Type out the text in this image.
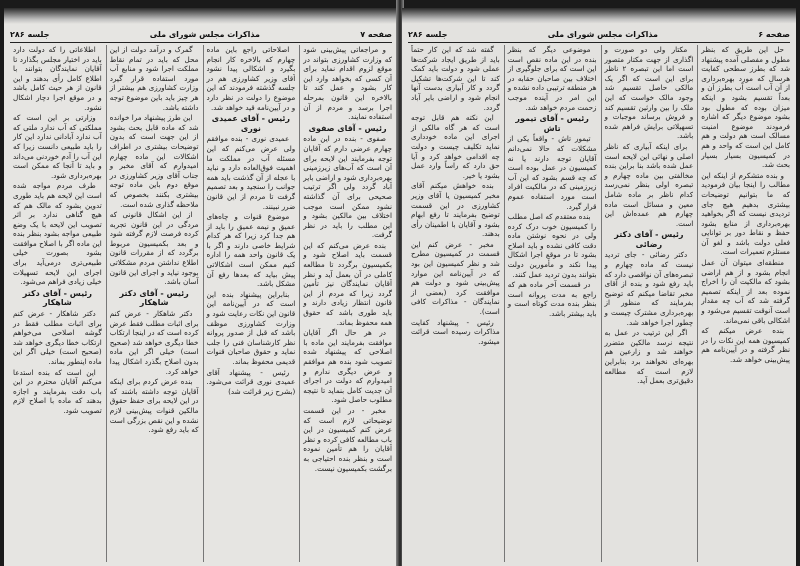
صفحه ۷
مذاکرات مجلس شورای ملی
جلسه ۲۸۶

و مراجعاتی پیش‌بینی شود که وزارت کشاورزی بتواند در موقع لزوم اقدام نماید برای آن کسی که بخواهد وارد این کار بشود و عمل کند تا بالاخره این قانون بمرحله اجرا برسد و مردم از آن استفاده نمایند.

رئیس - آقای صفوی

صفوی - بنده در این ماده چهارم عرضی دارم که آقایان توجه بفرمایند این لایحه برای آن است که آب‌های زیرزمینی بهره‌برداری شود و اراضی بایر آباد گردد ولی اگر ترتیب صحیحی برای آن گذاشته نشود ممکن است موجب اختلاف بین مالکین بشود و این مطلب را باید در نظر گرفت.

بنده عرض می‌کنم که این قسمت باید اصلاح شود و بکمیسیون برگردد تا مطالعه کاملی در آن بعمل آید و نظر آقایان نمایندگان نیز تأمین گردد زیرا که مردم از این قانون انتظار زیادی دارند و باید طوری باشد که حقوق همه محفوظ بماند.

در هر حال اگر آقایان موافقت بفرمایند این ماده با اصلاحی که پیشنهاد شده تصویب شود بنده هم موافقم و عرض دیگری ندارم و امیدوارم که دولت در اجرای آن جدیت کامل بنماید تا نتیجه مطلوب حاصل شود.

مخبر - در این قسمت توضیحاتی لازم است که عرض کنم کمیسیون در این باب مطالعه کافی کرده و نظر آقایان را هم تأمین نموده است و بنظر بنده احتیاجی به برگشت بکمیسیون نیست.

اصلاحاتی راجع باین ماده چهارم که بالاخره کار انجام بگیرد و اشکالی پیدا نشود آقای وزیر کشاورزی هم در جلسه گذشته فرمودند که این موضوع را دولت در نظر دارد و در آیین‌نامه قید خواهد شد.

رئیس - آقای عمیدی نوری

عمیدی نوری - بنده موافقم ولی عرض می‌کنم که این مسئله آب در مملکت ما اهمیت فوق‌العاده دارد و نباید با عجله از آن گذشت باید همه جوانب را سنجید و بعد تصمیم گرفت تا مردم از این قانون ضرر نبینند.

موضوع قنوات و چاه‌های عمیق و نیمه عمیق را باید از هم جدا کرد زیرا که هر کدام شرایط خاصی دارند و اگر با یک قانون واحد همه را اداره کنیم ممکن است اشکالاتی پیش بیاید که بعدها رفع آن مشکل باشد.

بنابراین پیشنهاد بنده این است که در آیین‌نامه این قانون این نکات رعایت شود و وزارت کشاورزی موظف باشد که قبل از صدور پروانه نظر کارشناسان فنی را جلب نماید و حقوق صاحبان قنوات قدیمی محفوظ بماند.

رئیس - پیشنهاد آقای عمیدی نوری قرائت می‌شود. (بشرح زیر قرائت شد)

گمرک و درآمد دولت از این محل که باید در تمام نقاط مملکت اجرا شود و منابع آب مورد استفاده قرار گیرد وزارت کشاورزی هم بیشتر از هر چیز باید باین موضوع توجه داشته باشد.

این طرز پیشنهاد مرا خوانده شد که ماده قابل بحث بشود از این جهت است که بدون توضیحات بیشتری در اطراف اشکالات این ماده چهارم امیدوارم که آقای مخبر و جناب آقای وزیر کشاورزی در موقع دوم باین ماده توجه بیشتری بکنند بخصوص که ملاحظه گذاری شده است.

از این اشکال قانونی که مردگی در این قانون تجربه کرده فرصت لازم گرفته شود و بعد بکمیسیون مربوط برگردد که از مقررات قانون اطلاع نداشتن مردم مشکلاتی بوجود نیاید و اجرای این قانون آسان باشد.

رئیس - آقای دکتر شاهکار

دکتر شاهکار - عرض کنم برای اثبات مطلب فقط عرض کرده است که در اینجا ارتکاب خطا دیگری خواهد شد (صحیح است) خیلی اگر این ماده بدون اصلاح بگذرد اشکال پیدا خواهد کرد.

بنده عرض کردم برای اینکه آقایان توجه داشته باشند که در این لایحه برای حفظ حقوق مالکین قنوات پیش‌بینی لازم نشده و این نقص بزرگی است که باید رفع شود.

اطلاعاتی را که دولت دارد باید در اختیار مجلس بگذارد تا آقایان نمایندگان بتوانند با اطلاع کامل رأی بدهند و این قانون از هر حیث کامل باشد و در موقع اجرا دچار اشکال نشود.

وزارتی بر این است که مملکتی که آب ندارد ملتی که آب ندارد آبادانی ندارد این کار را باید طبیعی دانست زیرا که این آب را آدم خوردنی می‌داند و باید تا آنجا که ممکن است بهره‌برداری شود.

طرف مردم مواجه شده است این لایحه هم باید طوری تدوین بشود که مالک هم که هیچ گناهی ندارد بر اثر تصویب این لایحه با یک وضع طبیعی مواجه بشود بنظر بنده این ماده اگر با اصلاح موافقت بشود بصورت خیلی طبیعی‌تری درمی‌آید برای اجرای این لایحه تسهیلات خیلی زیادی فراهم می‌شود.

رئیس - آقای دکتر شاهکار

دکتر شاهکار - عرض کنم برای اثبات مطلب فقط در گوشه اصلاحی می‌خواهم ارتکاب خطا دیگری خواهد شد (صحیح است) خیلی اگر این ماده اینطور بماند.

این است که بنده استدعا می‌کنم آقایان محترم در این باب دقت بفرمایند و اجازه بدهند که ماده با اصلاح لازم تصویب شود.

صفحه ۶
مذاکرات مجلس شورای ملی
جلسه ۲۸۶

حل این طریق که بنظر مطول و مفصلی آمده پیشنهاد شد که بطرز سطحی کفایت هرسال که مورد بهره‌برداری از آن آب است آب بطرز آن و بعداً تقسیم بشود و اینکه میزان بوده که مطول بود بشود موضوع دیگر که اشاره فرمودند موضوع امنیت مسالک است هم دولت و هم کامل این است که واحد و هم در کمیسیون بسیار بسیار بحث شد.

و بنده متشکرم از اینکه این مطالب را اینجا بیان فرمودید که ما بتوانیم توضیحات بیشتری بدهیم هیچ جای تردیدی نیست که اگر بخواهید بهره‌برداری از منابع بشود حفظ و نقاط دور بر توانایی فعلی دولت باشد و لغو آن مستلزم تعمیرات است.

منطقه‌ای میتوان آن عمل انجام بشود و از هم اراضی بشود که مالکیت آن را اخراج نموده بعد از اینکه تصمیم گرفته شد که آب چه مقدار است آنوقت تقسیم می‌شود و اشکالی باقی نمی‌ماند.

بنده عرض میکنم که کمیسیون همه این نکات را در نظر گرفته و در آیین‌نامه هم پیش‌بینی خواهد شد.

مکتار ولی دو صورت و اگذاری از جهت مکتار متصور است اما این تبصره ۲ ناظر برای این است که اگر یک مالکی حاصل تقسیم شد وجود مالک خواست که این ملک را بین وارثین تقسیم کند و فروش برساند موجبات و تسهیلاتی برایش فراهم شده باشد.

برای اینکه آبیاری که ناظر اصلی و نهائی این لایحه است عمل شده باشد بنا براین بنده مخالفتی بین ماده چهارم و تبصره اولی بنظر نمی‌رسد کدام ناظر بر ماده شامل معین و مسائل است ماده چهارم هم عمده‌اش این است.

رئیس - آقای دکتر رضائی

دکتر رضائی - جای تردید نیست که ماده چهارم و تبصره‌های آن نواقصی دارد که باید رفع شود و بنده از آقای مخبر تقاضا میکنم که توضیح بفرمایند که منظور از بهره‌برداری مشترک چیست و چطور اجرا خواهد شد.

اگر این ترتیب در عمل به نتیجه نرسد مالکین متضرر خواهند شد و زارعین هم بهره‌ای نخواهند برد بنابراین لازم است که مطالعه دقیق‌تری بعمل آید.

موضوعی دیگر که بنظر بنده در این ماده نقص است این است که برای جلوگیری از اختلاف بین صاحبان حقابه در هر منطقه ترتیبی داده نشده و این امر در آینده موجب زحمت مردم خواهد شد.

رئیس - آقای تیمور تاش

تیمور تاش - واقعاً یکی از مشکلات که حالا نمی‌دانم آقایان توجه دارند یا نه کمیسیون در عمل بوده است که چه قسم بشود که این آب زیرزمینی که در مالکیت افراد است مورد استفاده عموم قرار گیرد.

بنده معتقدم که اصل مطلب را کمیسیون خوب درک کرده ولی در نحوه نوشتن ماده دقت کافی نشده و باید اصلاح بشود تا در موقع اجرا اشکال پیدا نکند و مأمورین دولت بتوانند بدون تردید عمل کنند.

در قسمت آخر ماده هم که راجع به مدت پروانه است بنظر بنده مدت کوتاه است و باید بیشتر باشد.

گفته شد که این کار حتماً باید از طریق ایجاد شرکت‌ها عملی شود و دولت باید کمک کند تا این شرکت‌ها تشکیل گردد و کار آبیاری بدست آنها انجام شود و اراضی بایر آباد گردد.

این نکته هم قابل توجه است که هر گاه مالکی از اجرای این ماده خودداری نماید تکلیف چیست و دولت چه اقدامی خواهد کرد و آیا حق دارد که راساً وارد عمل بشود یا خیر.

بنده خواهش میکنم آقای مخبر کمیسیون یا آقای وزیر کشاورزی در این قسمت توضیح بفرمایند تا رفع ابهام بشود و آقایان با اطمینان رأی بدهند.

مخبر - عرض کنم این قسمت در کمیسیون مطرح شد و نظر کمیسیون این بود که در آیین‌نامه این موارد پیش‌بینی شود و دولت هم موافقت کرد (بعضی از نمایندگان - مذاکرات کافی است).

رئیس - پیشنهاد کفایت مذاکرات رسیده است قرائت میشود.
